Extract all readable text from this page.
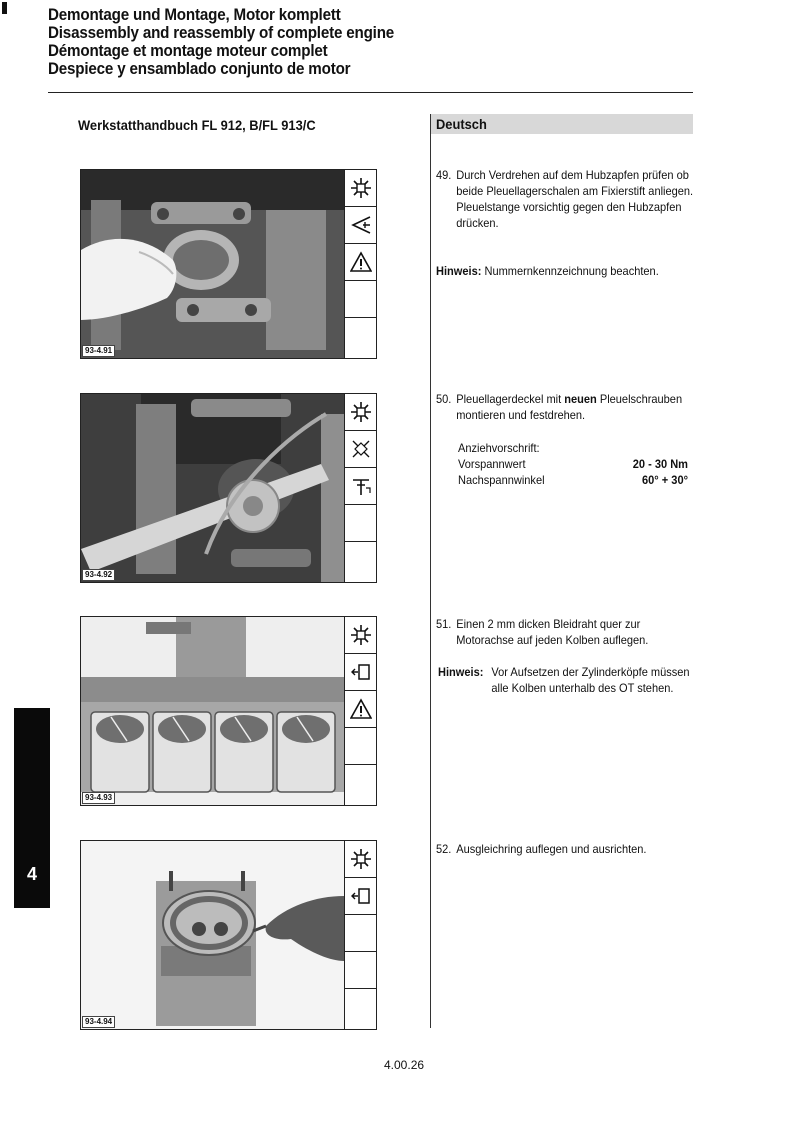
Demontage und Montage, Motor komplett
Disassembly and reassembly of complete engine
Démontage et montage moteur complet
Despiece y ensamblado conjunto de motor
Werkstatthandbuch FL 912, B/FL 913/C	Deutsch
93-4.91
93-4.92
93-4.93
93-4.94
49. Durch Verdrehen auf dem Hubzapfen prüfen ob beide Pleuellagerschalen am Fixierstift anliegen.
Pleuelstange vorsichtig gegen den Hubzapfen drücken.
Hinweis: Nummernkennzeichnung beachten.
50. Pleuellagerdeckel mit neuen Pleuelschrauben montieren und festdrehen.
Anziehvorschrift:
Vorspannwert	20 - 30 Nm
Nachspannwinkel	60° + 30°
51. Einen 2 mm dicken Bleidraht quer zur Motorachse auf jeden Kolben auflegen.
Hinweis: Vor Aufsetzen der Zylinderköpfe müssen alle Kolben unterhalb des OT stehen.
52. Ausgleichring auflegen und ausrichten.
4
4.00.26
